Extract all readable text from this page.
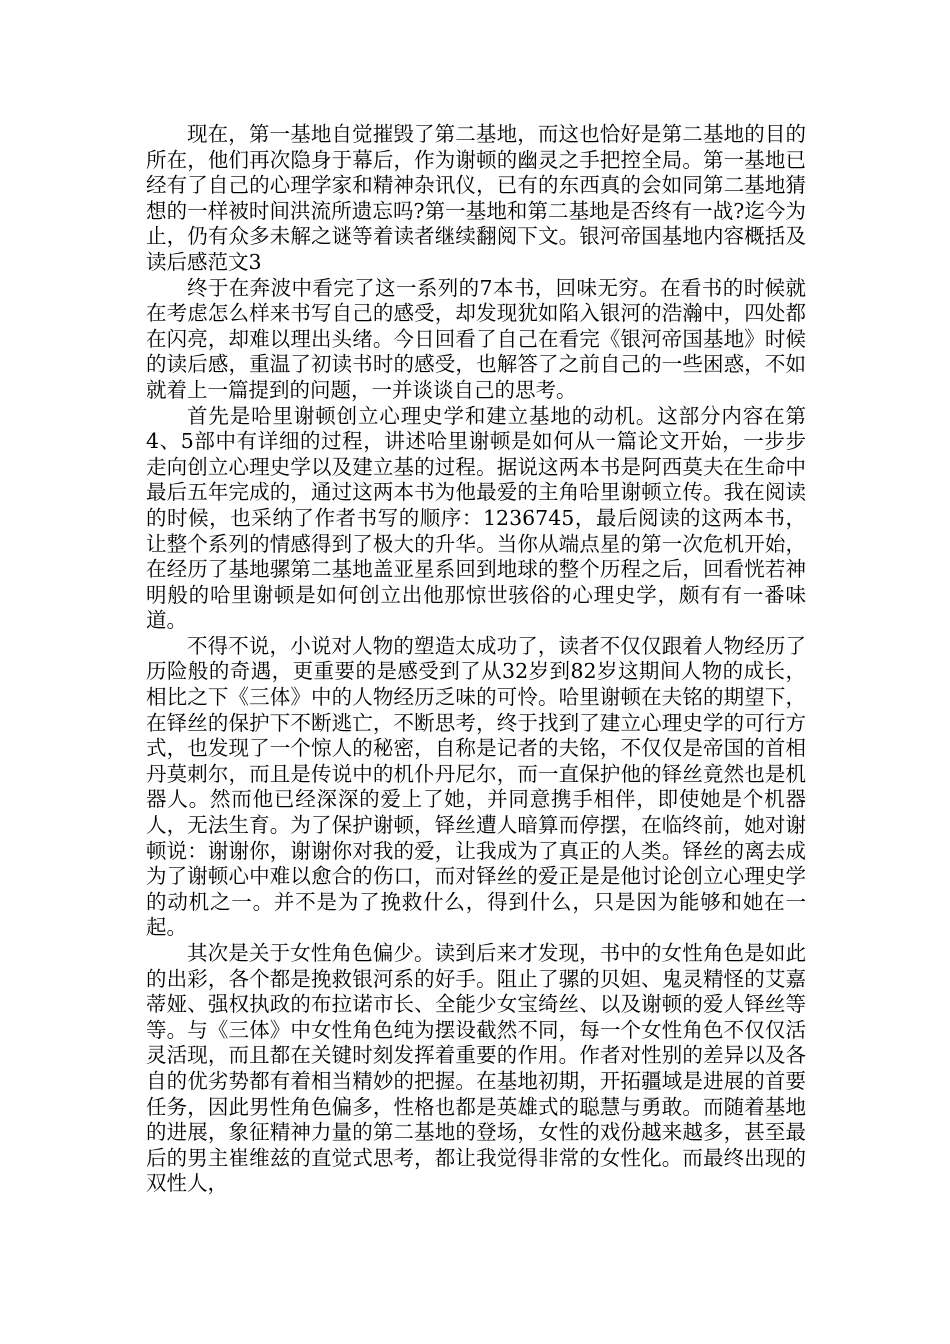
现在，第一基地自觉摧毁了第二基地，而这也恰好是第二基地的目的所在，他们再次隐身于幕后，作为谢顿的幽灵之手把控全局。第一基地已经有了自己的心理学家和精神杂讯仪，已有的东西真的会如同第二基地猜想的一样被时间洪流所遗忘吗?第一基地和第二基地是否终有一战?迄今为止，仍有众多未解之谜等着读者继续翻阅下文。银河帝国基地内容概括及读后感范文3

终于在奔波中看完了这一系列的7本书，回味无穷。在看书的时候就在考虑怎么样来书写自己的感受，却发现犹如陷入银河的浩瀚中，四处都在闪亮，却难以理出头绪。今日回看了自己在看完《银河帝国基地》时候的读后感，重温了初读书时的感受，也解答了之前自己的一些困惑，不如就着上一篇提到的问题，一并谈谈自己的思考。

首先是哈里谢顿创立心理史学和建立基地的动机。这部分内容在第4、5部中有详细的过程，讲述哈里谢顿是如何从一篇论文开始，一步步走向创立心理史学以及建立基的过程。据说这两本书是阿西莫夫在生命中最后五年完成的，通过这两本书为他最爱的主角哈里谢顿立传。我在阅读的时候，也采纳了作者书写的顺序：1236745，最后阅读的这两本书，让整个系列的情感得到了极大的升华。当你从端点星的第一次危机开始，在经历了基地骡第二基地盖亚星系回到地球的整个历程之后，回看恍若神明般的哈里谢顿是如何创立出他那惊世骇俗的心理史学，颇有有一番味道。

不得不说，小说对人物的塑造太成功了，读者不仅仅跟着人物经历了历险般的奇遇，更重要的是感受到了从32岁到82岁这期间人物的成长，相比之下《三体》中的人物经历乏味的可怜。哈里谢顿在夫铭的期望下，在铎丝的保护下不断逃亡，不断思考，终于找到了建立心理史学的可行方式，也发现了一个惊人的秘密，自称是记者的夫铭，不仅仅是帝国的首相丹莫刺尔，而且是传说中的机仆丹尼尔，而一直保护他的铎丝竟然也是机器人。然而他已经深深的爱上了她，并同意携手相伴，即使她是个机器人，无法生育。为了保护谢顿，铎丝遭人暗算而停摆，在临终前，她对谢顿说：谢谢你，谢谢你对我的爱，让我成为了真正的人类。铎丝的离去成为了谢顿心中难以愈合的伤口，而对铎丝的爱正是是他讨论创立心理史学的动机之一。并不是为了挽救什么，得到什么，只是因为能够和她在一起。

其次是关于女性角色偏少。读到后来才发现，书中的女性角色是如此的出彩，各个都是挽救银河系的好手。阻止了骡的贝妲、鬼灵精怪的艾嘉蒂娅、强权执政的布拉诺市长、全能少女宝绮丝、以及谢顿的爱人铎丝等等。与《三体》中女性角色纯为摆设截然不同，每一个女性角色不仅仅活灵活现，而且都在关键时刻发挥着重要的作用。作者对性别的差异以及各自的优劣势都有着相当精妙的把握。在基地初期，开拓疆域是进展的首要任务，因此男性角色偏多，性格也都是英雄式的聪慧与勇敢。而随着基地的进展，象征精神力量的第二基地的登场，女性的戏份越来越多，甚至最后的男主崔维兹的直觉式思考，都让我觉得非常的女性化。而最终出现的双性人，
